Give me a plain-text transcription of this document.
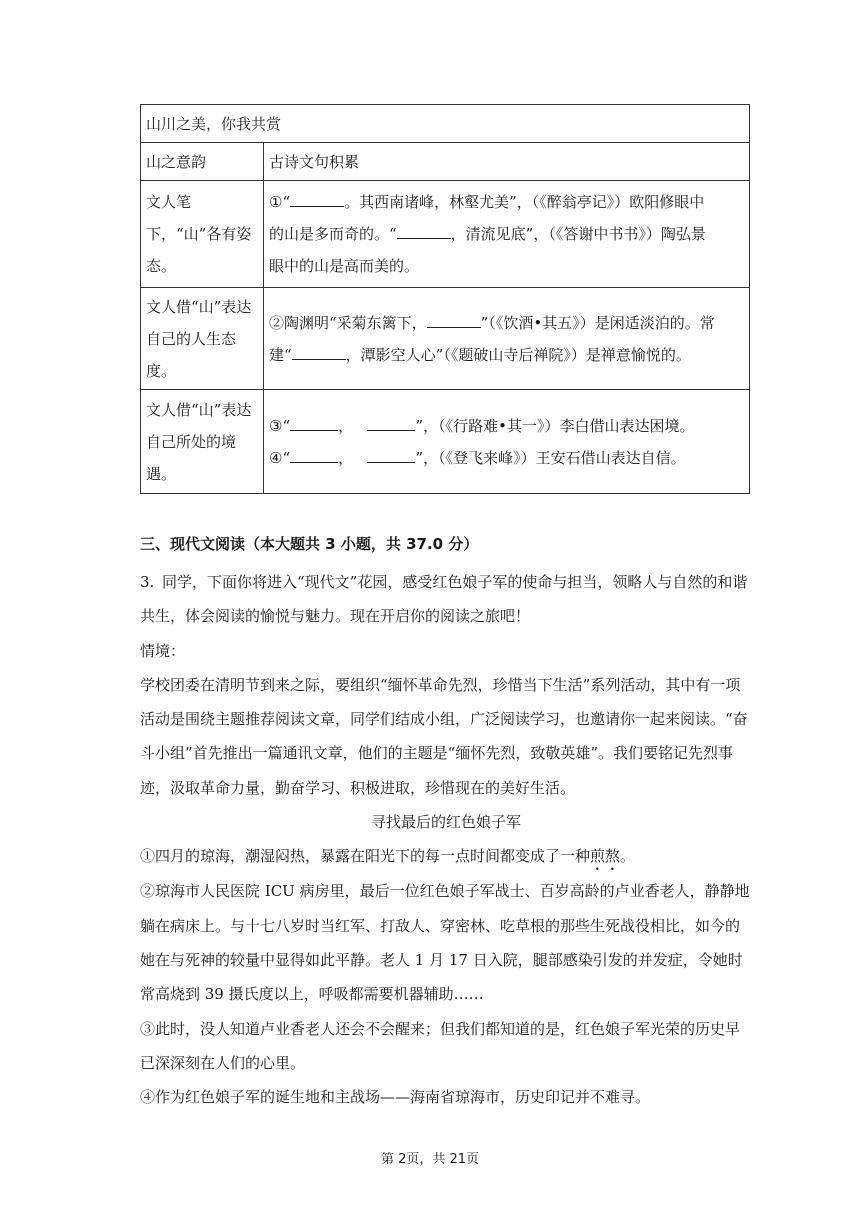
山川之美，你我共赏	
山之意韵	古诗文句积累
文人笔下，“山”各有姿态。	①“ 。其西南诸峰，林壑尤美”，（《醉翁亭记》）欧阳修眼中
的山是多而奇的。“ ，清流见底”，（《答谢中书书》）陶弘景
眼中的山是高而美的。

文人借“山”表达自己的人生态度。	②陶渊明“采菊东篱下， ”（《饮酒•其五》）是闲适淡泊的。常
建“ ，潭影空人心”（《题破山寺后禅院》）是禅意愉悦的。

文人借“山”表达自己所处的境遇。	③“ ， ”，（《行路难•其一》）李白借山表达困境。
④“ ， ”，（《登飞来峰》）王安石借山表达自信。
三、现代文阅读（本大题共 3 小题，共 37.0 分）

3. 同学，下面你将进入“现代文”花园，感受红色娘子军的使命与担当，领略人与自然的和谐共生，体会阅读的愉悦与魅力。现在开启你的阅读之旅吧！

情境：

学校团委在清明节到来之际，要组织“缅怀革命先烈，珍惜当下生活”系列活动，其中有一项活动是围绕主题推荐阅读文章，同学们结成小组，广泛阅读学习，也邀请你一起来阅读。“奋斗小组”首先推出一篇通讯文章，他们的主题是“缅怀先烈，致敬英雄”。我们要铭记先烈事迹，汲取革命力量，勤奋学习、积极进取，珍惜现在的美好生活。

寻找最后的红色娘子军

①四月的琼海，潮湿闷热，暴露在阳光下的每一点时间都变成了一种煎熬。

②琼海市人民医院 ICU 病房里，最后一位红色娘子军战士、百岁高龄的卢业香老人，静静地躺在病床上。与十七八岁时当红军、打敌人、穿密林、吃草根的那些生死战役相比，如今的她在与死神的较量中显得如此平静。老人 1 月 17 日入院，腿部感染引发的并发症，令她时常高烧到 39 摄氏度以上，呼吸都需要机器辅助……

③此时，没人知道卢业香老人还会不会醒来；但我们都知道的是，红色娘子军光荣的历史早已深深刻在人们的心里。

④作为红色娘子军的诞生地和主战场——海南省琼海市，历史印记并不难寻。

第 2页，共 21页
